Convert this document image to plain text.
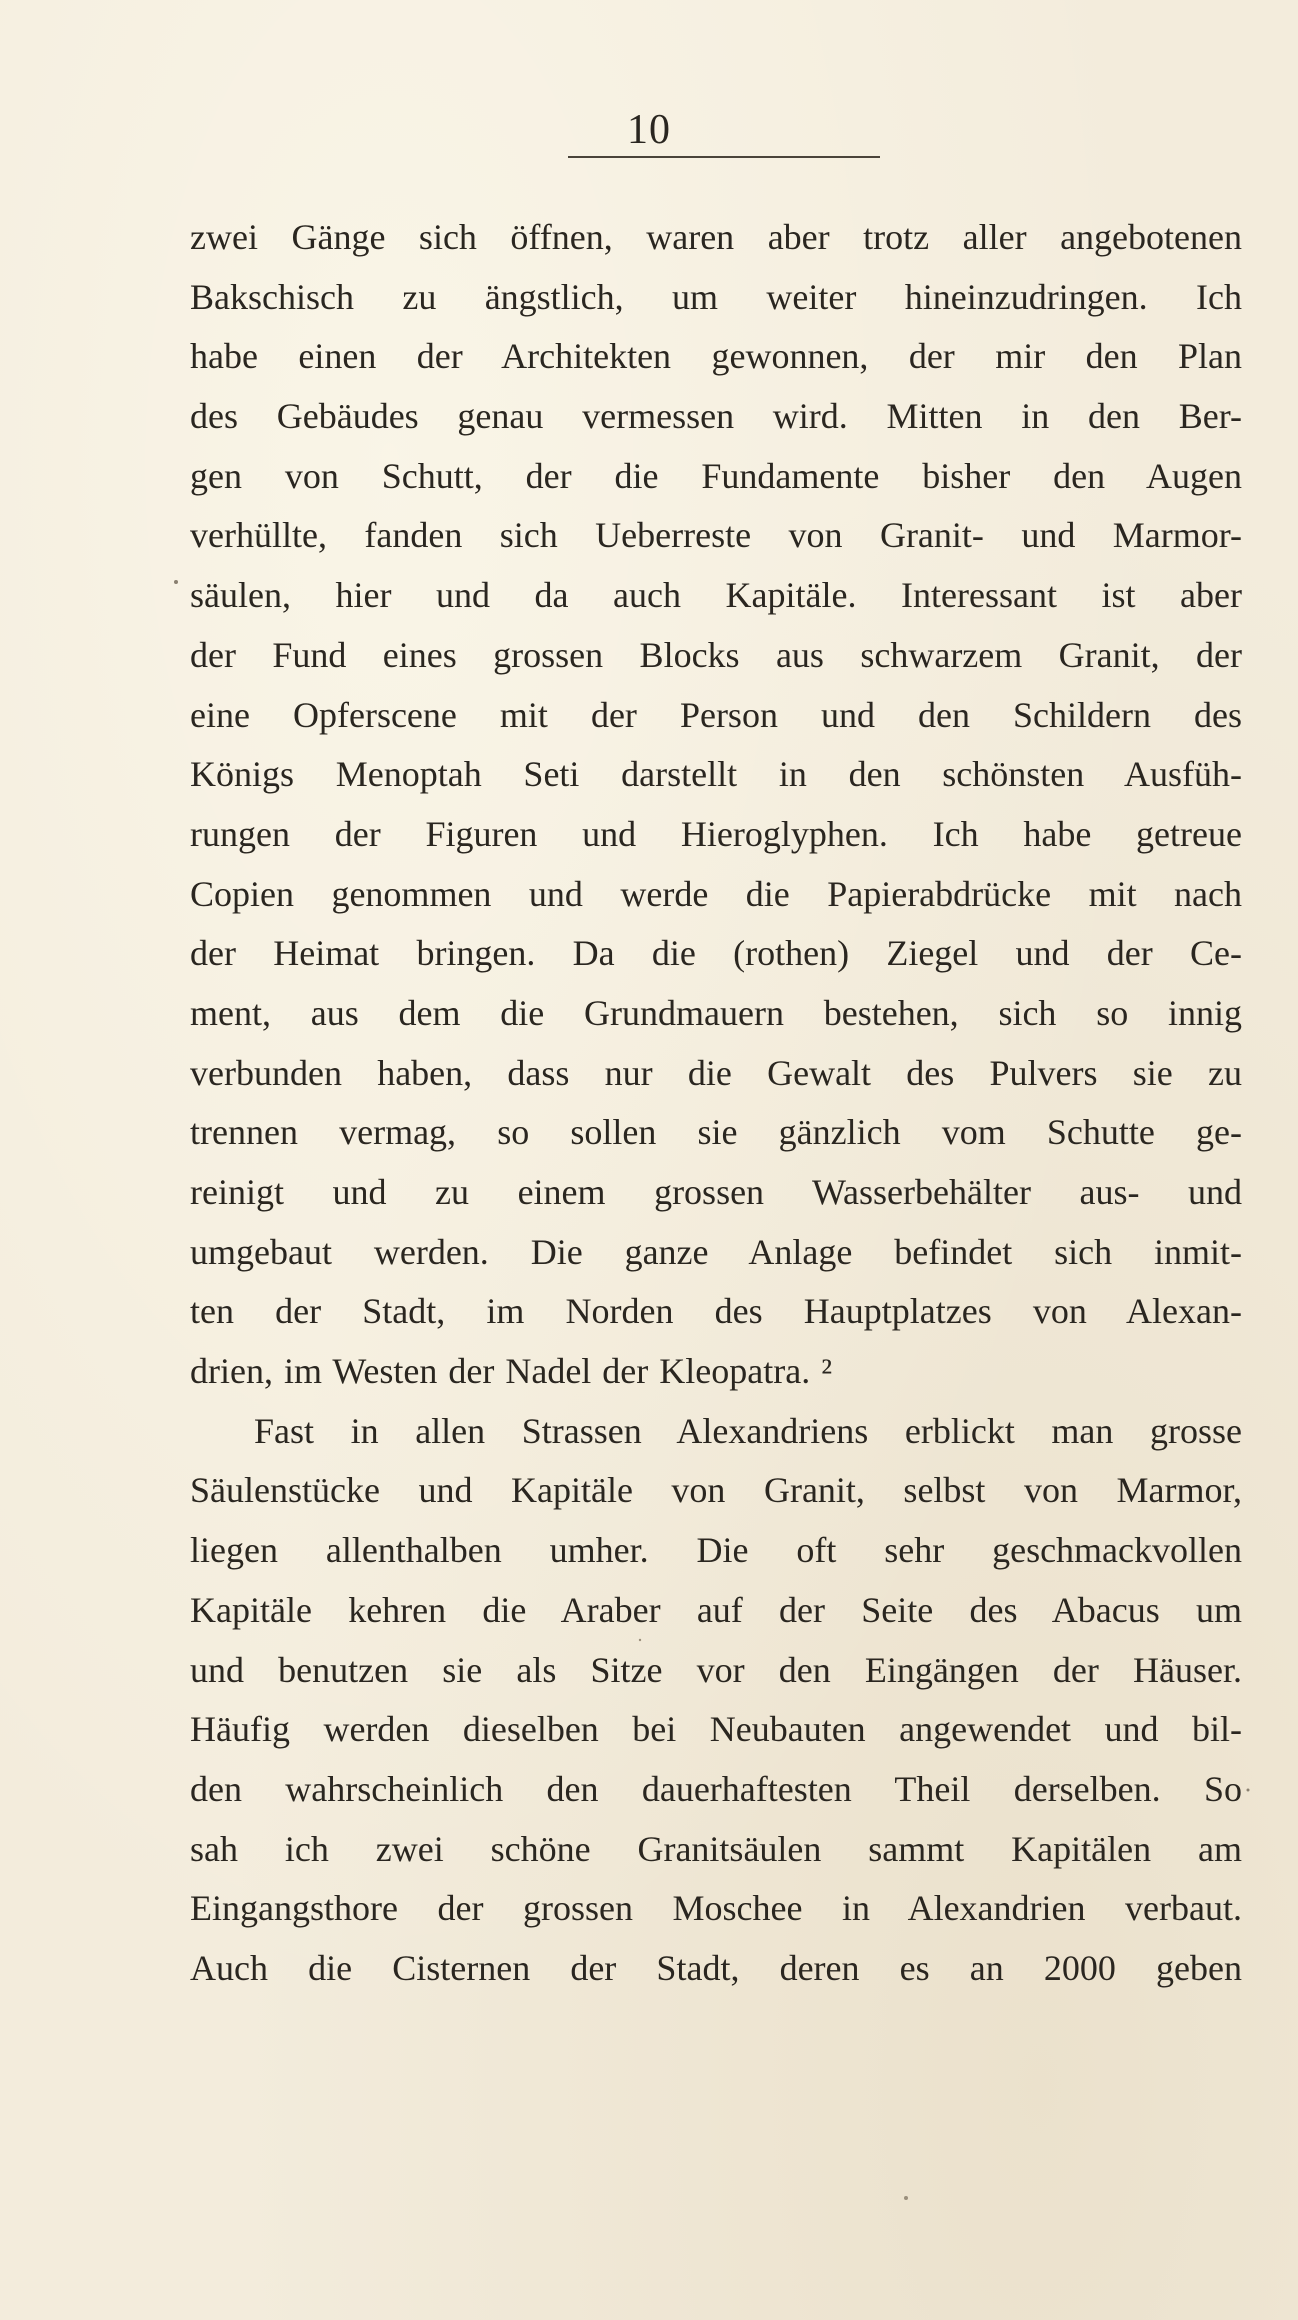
10
zwei Gänge sich öffnen, waren aber trotz aller angebotenen
Bakschisch zu ängstlich, um weiter hineinzudringen. Ich
habe einen der Architekten gewonnen, der mir den Plan
des Gebäudes genau vermessen wird. Mitten in den Ber-
gen von Schutt, der die Fundamente bisher den Augen
verhüllte, fanden sich Ueberreste von Granit- und Marmor-
säulen, hier und da auch Kapitäle. Interessant ist aber
der Fund eines grossen Blocks aus schwarzem Granit, der
eine Opferscene mit der Person und den Schildern des
Königs Menoptah Seti darstellt in den schönsten Ausfüh-
rungen der Figuren und Hieroglyphen. Ich habe getreue
Copien genommen und werde die Papierabdrücke mit nach
der Heimat bringen. Da die (rothen) Ziegel und der Ce-
ment, aus dem die Grundmauern bestehen, sich so innig
verbunden haben, dass nur die Gewalt des Pulvers sie zu
trennen vermag, so sollen sie gänzlich vom Schutte ge-
reinigt und zu einem grossen Wasserbehälter aus- und
umgebaut werden. Die ganze Anlage befindet sich inmit-
ten der Stadt, im Norden des Hauptplatzes von Alexan-
drien, im Westen der Nadel der Kleopatra. ²
Fast in allen Strassen Alexandriens erblickt man grosse
Säulenstücke und Kapitäle von Granit, selbst von Marmor,
liegen allenthalben umher. Die oft sehr geschmackvollen
Kapitäle kehren die Araber auf der Seite des Abacus um
und benutzen sie als Sitze vor den Eingängen der Häuser.
Häufig werden dieselben bei Neubauten angewendet und bil-
den wahrscheinlich den dauerhaftesten Theil derselben. So
sah ich zwei schöne Granitsäulen sammt Kapitälen am
Eingangsthore der grossen Moschee in Alexandrien verbaut.
Auch die Cisternen der Stadt, deren es an 2000 geben
